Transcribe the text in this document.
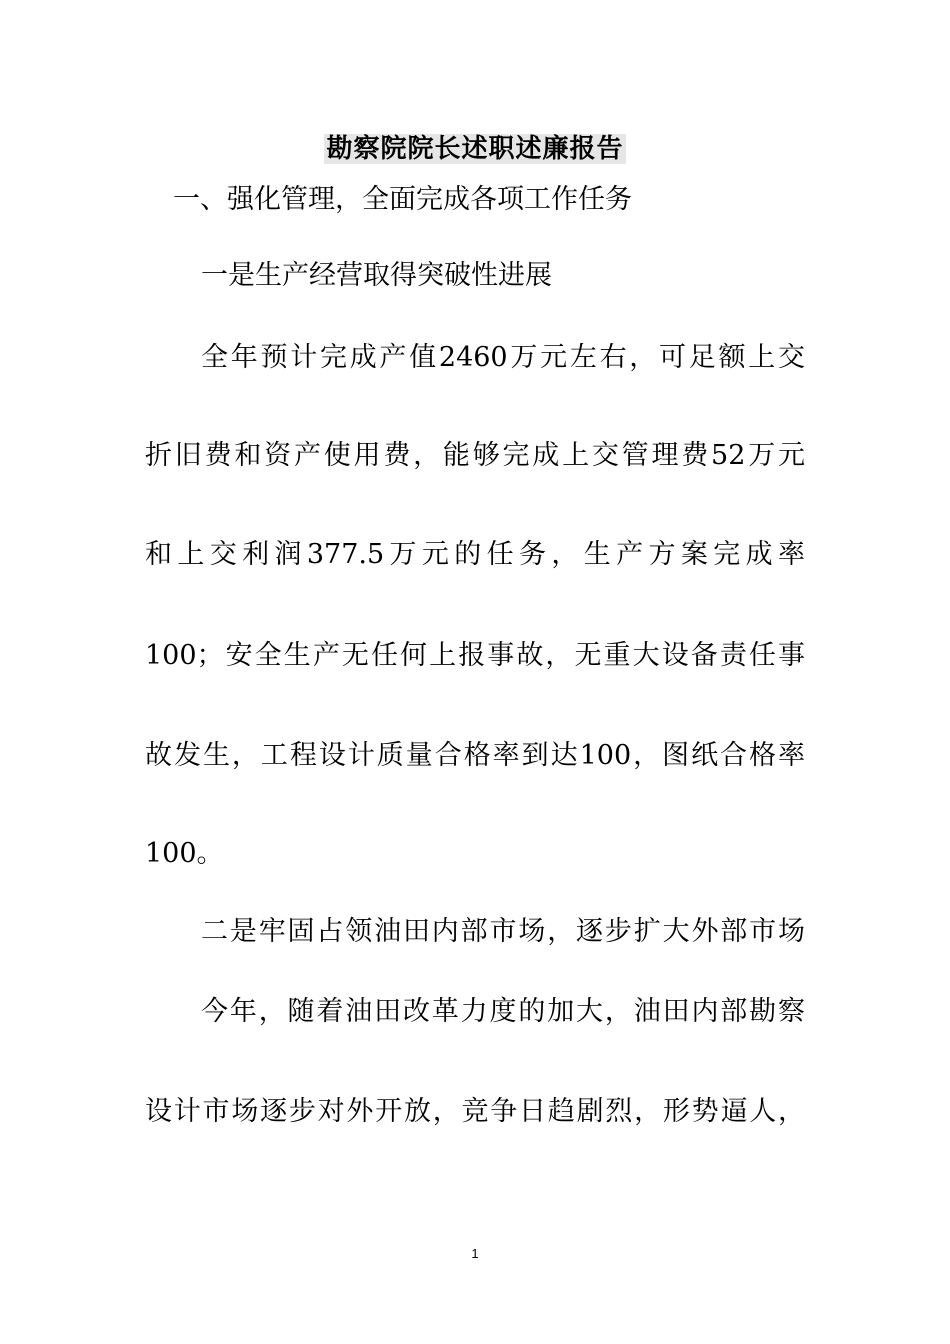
勘察院院长述职述廉报告
一、强化管理，全面完成各项工作任务
一是生产经营取得突破性进展
全年预计完成产值2460万元左右，可足额上交
折旧费和资产使用费，能够完成上交管理费52万元
和上交利润377.5万元的任务，生产方案完成率
100；安全生产无任何上报事故，无重大设备责任事
故发生，工程设计质量合格率到达100，图纸合格率
100。
二是牢固占领油田内部市场，逐步扩大外部市场
今年，随着油田改革力度的加大，油田内部勘察
设计市场逐步对外开放，竞争日趋剧烈，形势逼人，
1
